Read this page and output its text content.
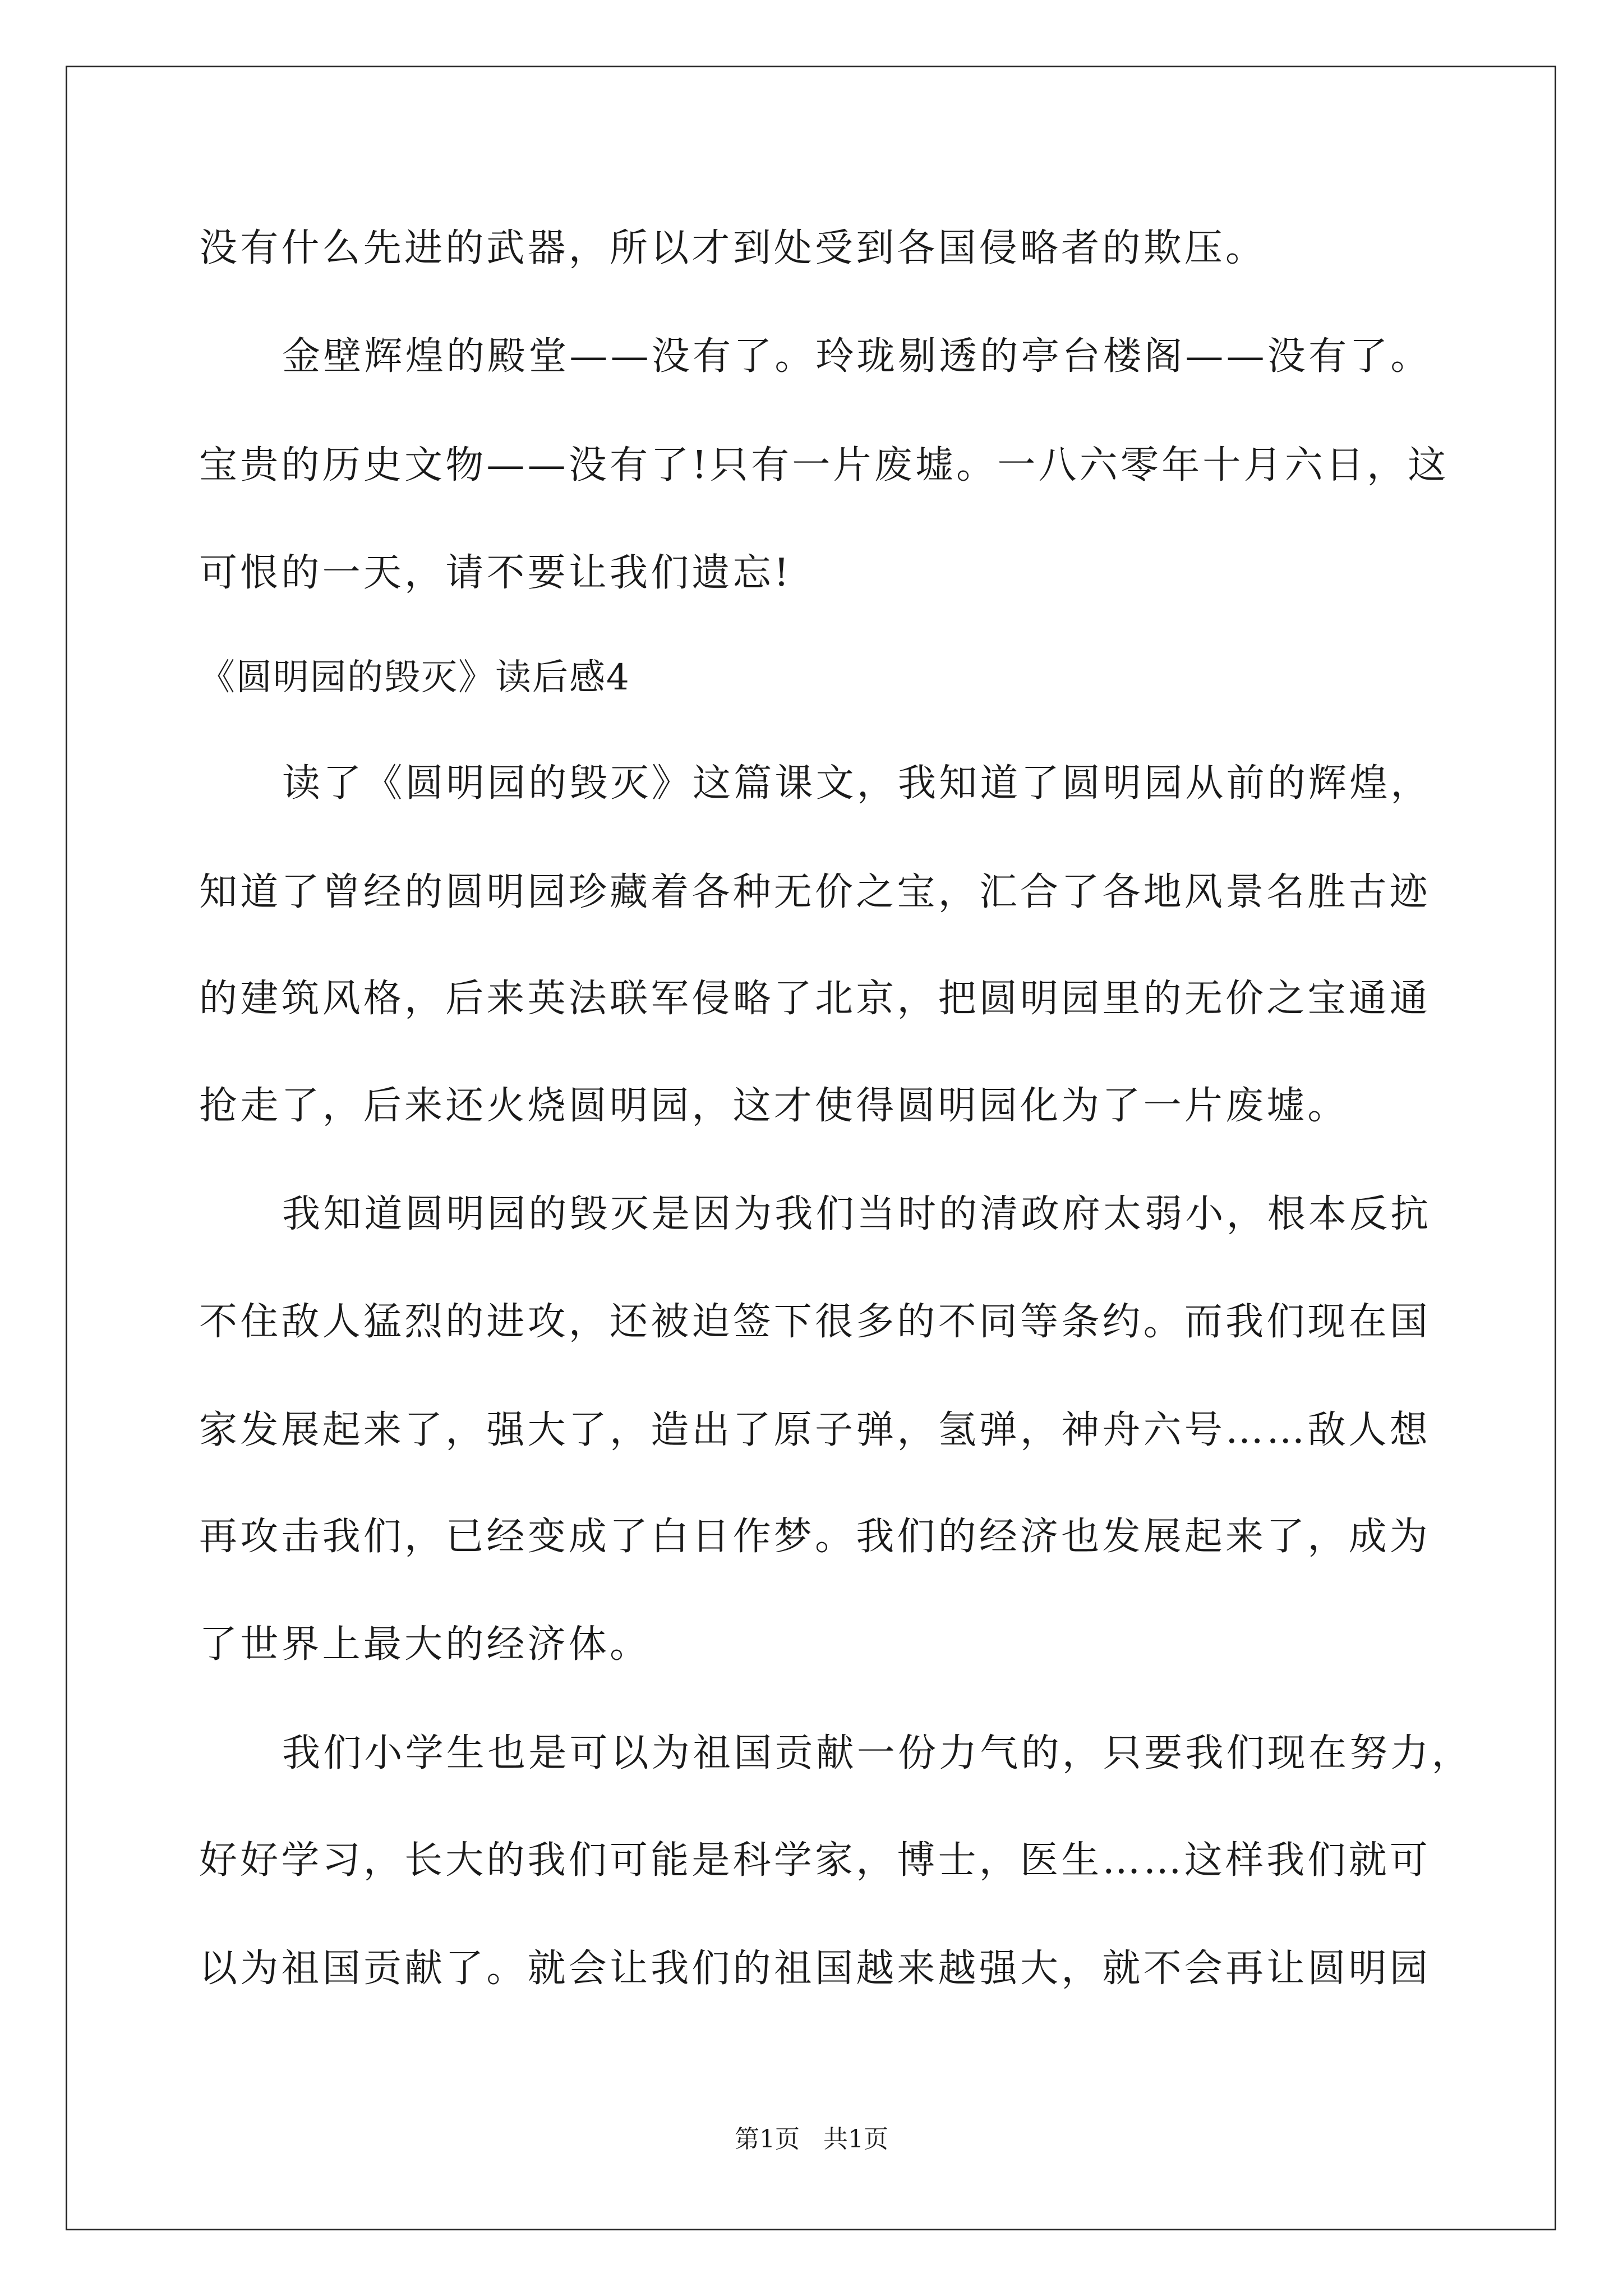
没有什么先进的武器，所以才到处受到各国侵略者的欺压。
金壁辉煌的殿堂——没有了。玲珑剔透的亭台楼阁——没有了。
宝贵的历史文物——没有了!只有一片废墟。一八六零年十月六日，这
可恨的一天，请不要让我们遗忘!
《圆明园的毁灭》读后感4
读了《圆明园的毁灭》这篇课文，我知道了圆明园从前的辉煌，
知道了曾经的圆明园珍藏着各种无价之宝，汇合了各地风景名胜古迹
的建筑风格，后来英法联军侵略了北京，把圆明园里的无价之宝通通
抢走了，后来还火烧圆明园，这才使得圆明园化为了一片废墟。
我知道圆明园的毁灭是因为我们当时的清政府太弱小，根本反抗
不住敌人猛烈的进攻，还被迫签下很多的不同等条约。而我们现在国
家发展起来了，强大了，造出了原子弹，氢弹，神舟六号……敌人想
再攻击我们，已经变成了白日作梦。我们的经济也发展起来了，成为
了世界上最大的经济体。
我们小学生也是可以为祖国贡献一份力气的，只要我们现在努力，
好好学习，长大的我们可能是科学家，博士，医生……这样我们就可
以为祖国贡献了。就会让我们的祖国越来越强大，就不会再让圆明园
第1页   共1页
